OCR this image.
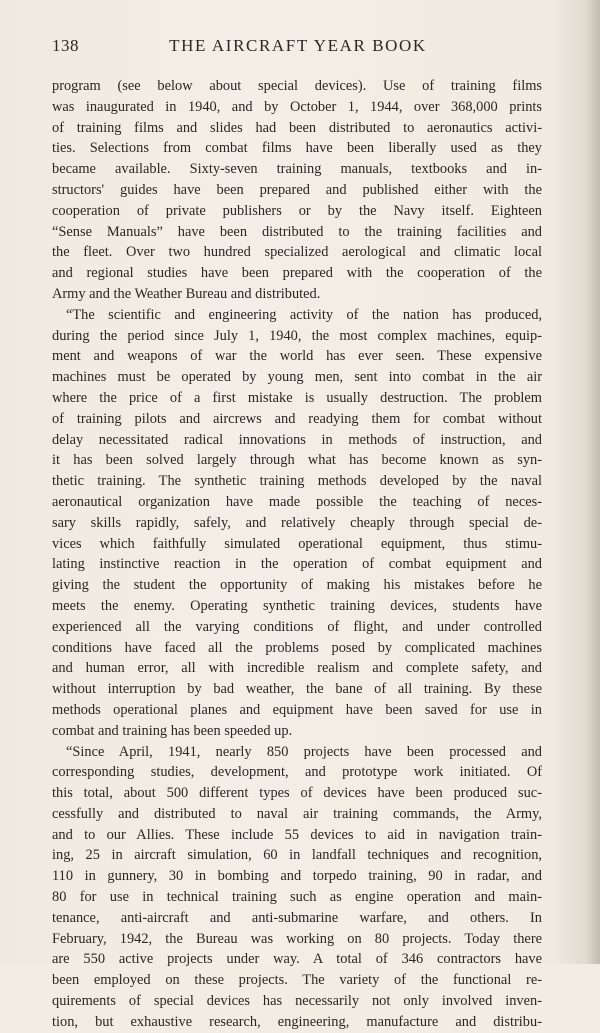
138	THE AIRCRAFT YEAR BOOK
program (see below about special devices). Use of training films
was inaugurated in 1940, and by October 1, 1944, over 368,000 prints
of training films and slides had been distributed to aeronautics activi-
ties. Selections from combat films have been liberally used as they
became available. Sixty-seven training manuals, textbooks and in-
structors' guides have been prepared and published either with the
cooperation of private publishers or by the Navy itself. Eighteen
“Sense Manuals” have been distributed to the training facilities and
the fleet. Over two hundred specialized aerological and climatic local
and regional studies have been prepared with the cooperation of the
Army and the Weather Bureau and distributed.
“The scientific and engineering activity of the nation has produced,
during the period since July 1, 1940, the most complex machines, equip-
ment and weapons of war the world has ever seen. These expensive
machines must be operated by young men, sent into combat in the air
where the price of a first mistake is usually destruction. The problem
of training pilots and aircrews and readying them for combat without
delay necessitated radical innovations in methods of instruction, and
it has been solved largely through what has become known as syn-
thetic training. The synthetic training methods developed by the naval
aeronautical organization have made possible the teaching of neces-
sary skills rapidly, safely, and relatively cheaply through special de-
vices which faithfully simulated operational equipment, thus stimu-
lating instinctive reaction in the operation of combat equipment and
giving the student the opportunity of making his mistakes before he
meets the enemy. Operating synthetic training devices, students have
experienced all the varying conditions of flight, and under controlled
conditions have faced all the problems posed by complicated machines
and human error, all with incredible realism and complete safety, and
without interruption by bad weather, the bane of all training. By these
methods operational planes and equipment have been saved for use in
combat and training has been speeded up.
“Since April, 1941, nearly 850 projects have been processed and
corresponding studies, development, and prototype work initiated. Of
this total, about 500 different types of devices have been produced suc-
cessfully and distributed to naval air training commands, the Army,
and to our Allies. These include 55 devices to aid in navigation train-
ing, 25 in aircraft simulation, 60 in landfall techniques and recognition,
110 in gunnery, 30 in bombing and torpedo training, 90 in radar, and
80 for use in technical training such as engine operation and main-
tenance, anti-aircraft and anti-submarine warfare, and others. In
February, 1942, the Bureau was working on 80 projects. Today there
are 550 active projects under way. A total of 346 contractors have
been employed on these projects. The variety of the functional re-
quirements of special devices has necessarily not only involved inven-
tion, but exhaustive research, engineering, manufacture and distribu-
